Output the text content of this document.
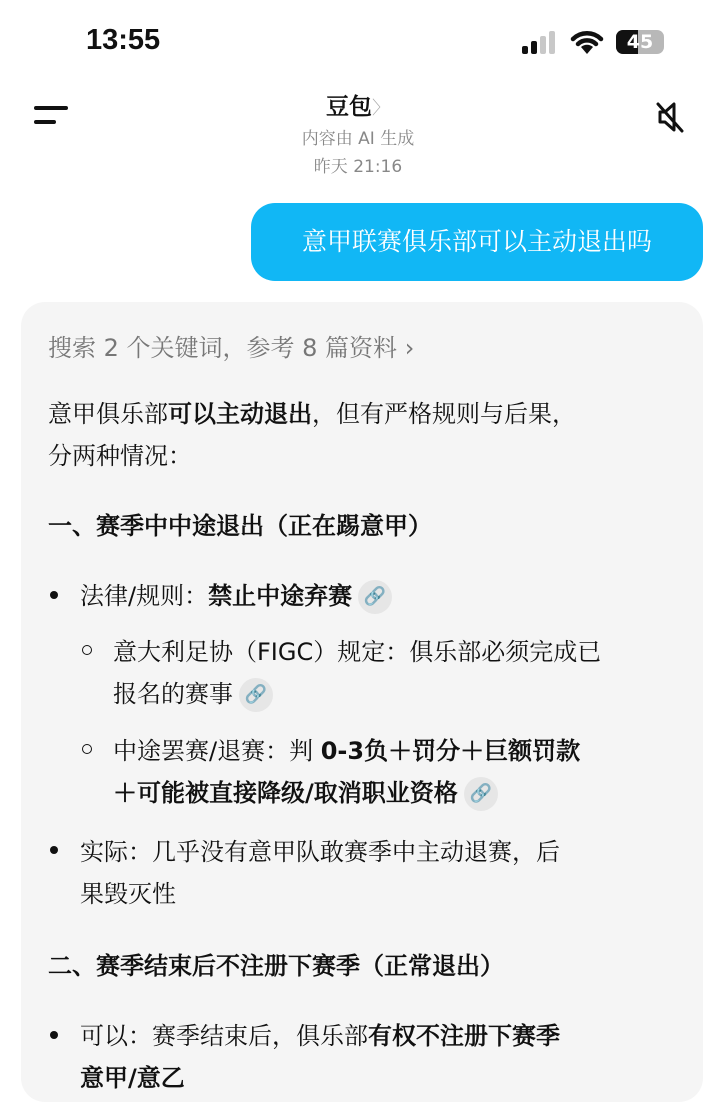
13:55	45
豆包〉
内容由 AI 生成
昨天 21:16
意甲联赛俱乐部可以主动退出吗
搜索 2 个关键词，参考 8 篇资料 ›
意甲俱乐部可以主动退出，但有严格规则与后果，
分两种情况：
一、赛季中中途退出（正在踢意甲）
法律/规则：禁止中途弃赛 🔗
意大利足协（FIGC）规定：俱乐部必须完成已
报名的赛事 🔗
中途罢赛/退赛：判 0-3负＋罚分＋巨额罚款
＋可能被直接降级/取消职业资格 🔗
实际：几乎没有意甲队敢赛季中主动退赛，后
果毁灭性
二、赛季结束后不注册下赛季（正常退出）
可以：赛季结束后，俱乐部有权不注册下赛季
意甲/意乙
